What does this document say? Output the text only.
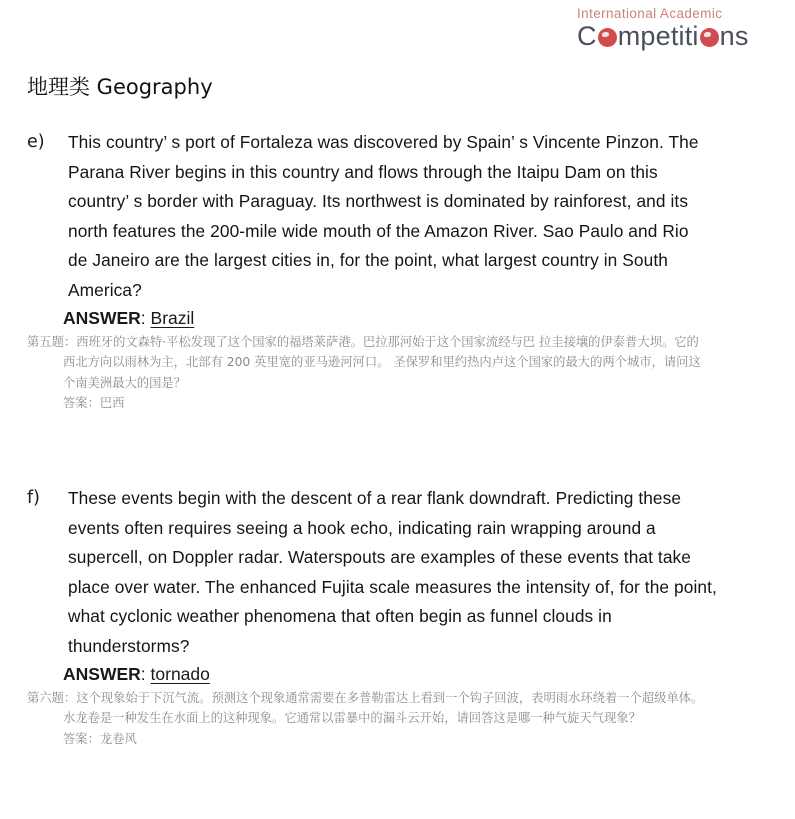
International Academic
C mpetiti ns
地理类 Geography
e) This country’ s port of Fortaleza was discovered by Spain’ s Vincente Pinzon. The
Parana River begins in this country and flows through the Itaipu Dam on this
country’ s border with Paraguay. Its northwest is dominated by rainforest, and its
north features the 200-mile wide mouth of the Amazon River. Sao Paulo and Rio
de Janeiro are the largest cities in, for the point, what largest country in South
America?
ANSWER: Brazil
第五题：西班牙的文森特·平松发现了这个国家的福塔莱萨港。巴拉那河始于这个国家流经与巴 拉圭接壤的伊泰普大坝。它的
西北方向以雨林为主，北部有 200 英里宽的亚马逊河河口。 圣保罗和里约热内卢这个国家的最大的两个城市，请问这
个南美洲最大的国是？
答案：巴西
f) These events begin with the descent of a rear flank downdraft. Predicting these
events often requires seeing a hook echo, indicating rain wrapping around a
supercell, on Doppler radar. Waterspouts are examples of these events that take
place over water. The enhanced Fujita scale measures the intensity of, for the point,
what cyclonic weather phenomena that often begin as funnel clouds in
thunderstorms?
ANSWER: tornado
第六题：这个现象始于下沉气流。预测这个现象通常需要在多普勒雷达上看到一个钩子回波，表明雨水环绕着一个超级单体。
水龙卷是一种发生在水面上的这种现象。它通常以雷暴中的漏斗云开始，请回答这是哪一种气旋天气现象？
答案：龙卷风
